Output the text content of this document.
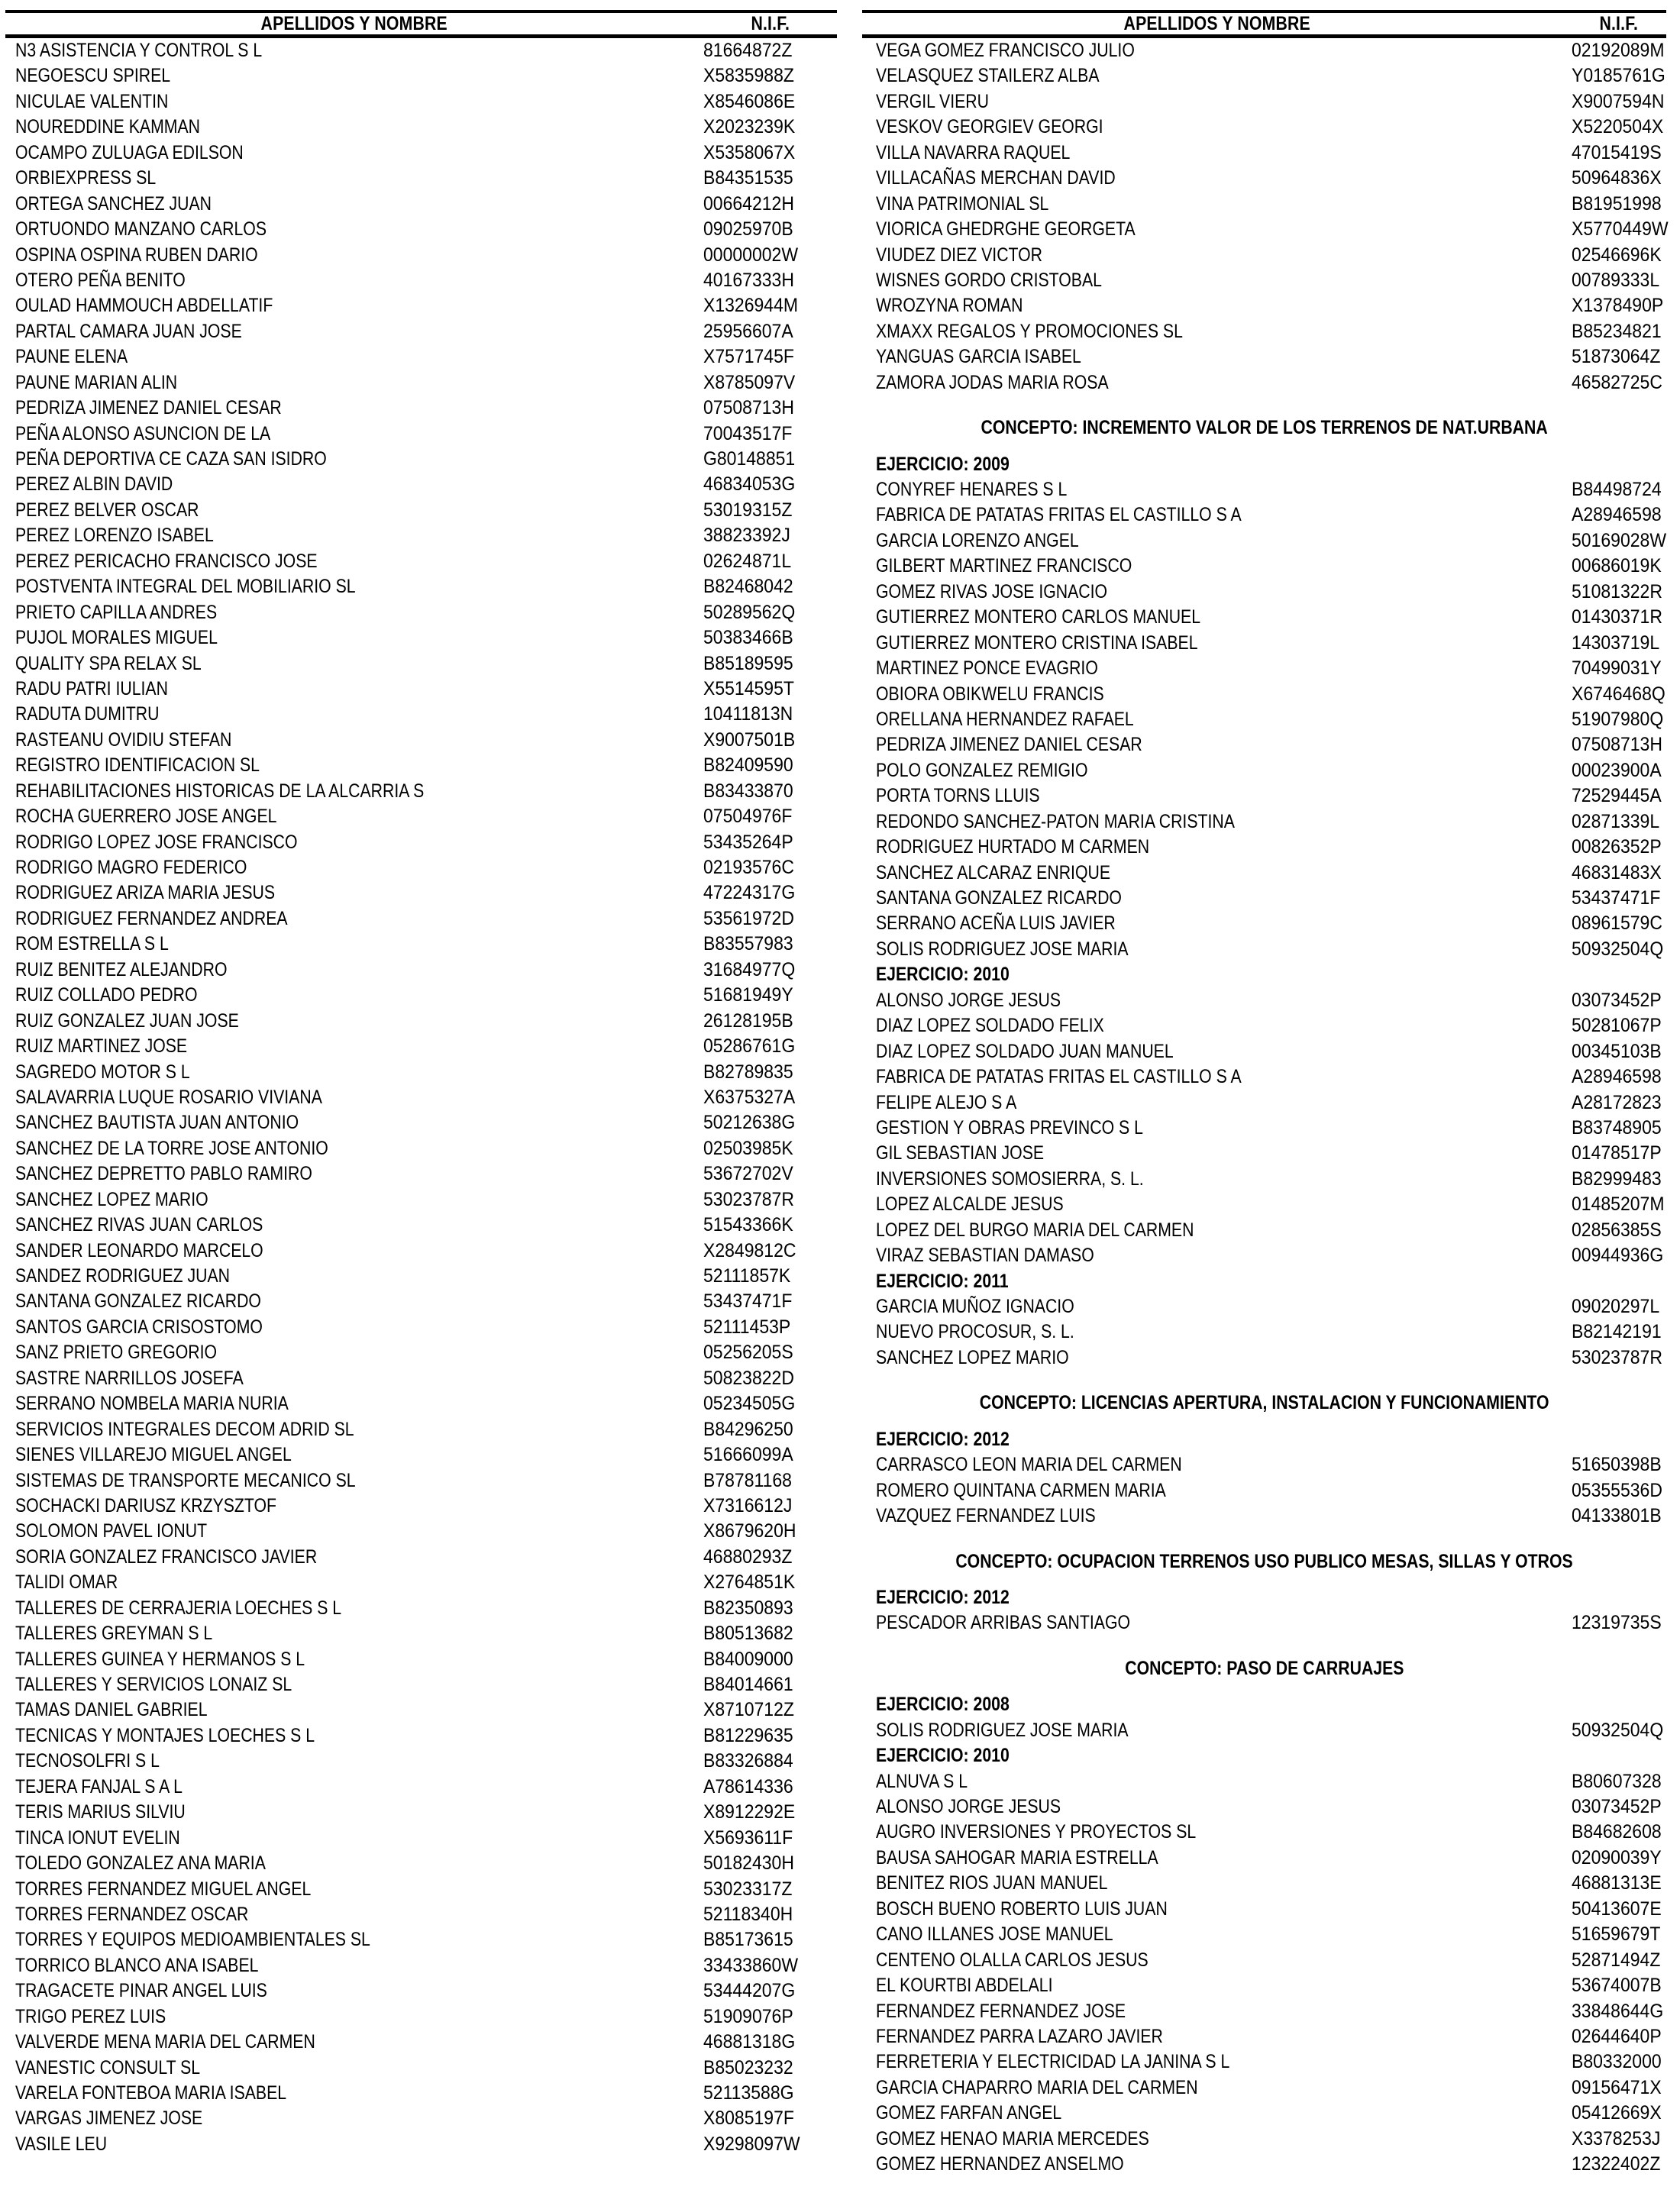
APELLIDOS Y NOMBRE	N.I.F.
N3 ASISTENCIA Y CONTROL S L	81664872Z
NEGOESCU SPIREL	X5835988Z
NICULAE VALENTIN	X8546086E
NOUREDDINE KAMMAN	X2023239K
OCAMPO ZULUAGA EDILSON	X5358067X
ORBIEXPRESS SL	B84351535
ORTEGA SANCHEZ JUAN	00664212H
ORTUONDO MANZANO CARLOS	09025970B
OSPINA OSPINA RUBEN DARIO	00000002W
OTERO PEÑA BENITO	40167333H
OULAD HAMMOUCH ABDELLATIF	X1326944M
PARTAL CAMARA JUAN JOSE	25956607A
PAUNE ELENA	X7571745F
PAUNE MARIAN ALIN	X8785097V
PEDRIZA JIMENEZ DANIEL CESAR	07508713H
PEÑA ALONSO ASUNCION DE LA	70043517F
PEÑA DEPORTIVA CE CAZA SAN ISIDRO	G80148851
PEREZ ALBIN DAVID	46834053G
PEREZ BELVER OSCAR	53019315Z
PEREZ LORENZO ISABEL	38823392J
PEREZ PERICACHO FRANCISCO JOSE	02624871L
POSTVENTA INTEGRAL DEL MOBILIARIO SL	B82468042
PRIETO CAPILLA ANDRES	50289562Q
PUJOL MORALES MIGUEL	50383466B
QUALITY SPA RELAX SL	B85189595
RADU PATRI IULIAN	X5514595T
RADUTA DUMITRU	10411813N
RASTEANU OVIDIU STEFAN	X9007501B
REGISTRO IDENTIFICACION SL	B82409590
REHABILITACIONES HISTORICAS DE LA ALCARRIA S	B83433870
ROCHA GUERRERO JOSE ANGEL	07504976F
RODRIGO LOPEZ JOSE FRANCISCO	53435264P
RODRIGO MAGRO FEDERICO	02193576C
RODRIGUEZ ARIZA MARIA JESUS	47224317G
RODRIGUEZ FERNANDEZ ANDREA	53561972D
ROM ESTRELLA S L	B83557983
RUIZ BENITEZ ALEJANDRO	31684977Q
RUIZ COLLADO PEDRO	51681949Y
RUIZ GONZALEZ JUAN JOSE	26128195B
RUIZ MARTINEZ JOSE	05286761G
SAGREDO MOTOR S L	B82789835
SALAVARRIA LUQUE ROSARIO VIVIANA	X6375327A
SANCHEZ BAUTISTA JUAN ANTONIO	50212638G
SANCHEZ DE LA TORRE JOSE ANTONIO	02503985K
SANCHEZ DEPRETTO PABLO RAMIRO	53672702V
SANCHEZ LOPEZ MARIO	53023787R
SANCHEZ RIVAS JUAN CARLOS	51543366K
SANDER LEONARDO MARCELO	X2849812C
SANDEZ RODRIGUEZ JUAN	52111857K
SANTANA GONZALEZ RICARDO	53437471F
SANTOS GARCIA CRISOSTOMO	52111453P
SANZ PRIETO GREGORIO	05256205S
SASTRE NARRILLOS JOSEFA	50823822D
SERRANO NOMBELA MARIA NURIA	05234505G
SERVICIOS INTEGRALES DECOM ADRID SL	B84296250
SIENES VILLAREJO MIGUEL ANGEL	51666099A
SISTEMAS DE TRANSPORTE MECANICO SL	B78781168
SOCHACKI DARIUSZ KRZYSZTOF	X7316612J
SOLOMON PAVEL IONUT	X8679620H
SORIA GONZALEZ FRANCISCO JAVIER	46880293Z
TALIDI OMAR	X2764851K
TALLERES DE CERRAJERIA LOECHES S L	B82350893
TALLERES GREYMAN S L	B80513682
TALLERES GUINEA Y HERMANOS S L	B84009000
TALLERES Y SERVICIOS LONAIZ SL	B84014661
TAMAS DANIEL GABRIEL	X8710712Z
TECNICAS Y MONTAJES LOECHES S L	B81229635
TECNOSOLFRI S L	B83326884
TEJERA FANJAL S A L	A78614336
TERIS MARIUS SILVIU	X8912292E
TINCA IONUT EVELIN	X5693611F
TOLEDO GONZALEZ ANA MARIA	50182430H
TORRES FERNANDEZ MIGUEL ANGEL	53023317Z
TORRES FERNANDEZ OSCAR	52118340H
TORRES Y EQUIPOS MEDIOAMBIENTALES SL	B85173615
TORRICO BLANCO ANA ISABEL	33433860W
TRAGACETE PINAR ANGEL LUIS	53444207G
TRIGO PEREZ LUIS	51909076P
VALVERDE MENA MARIA DEL CARMEN	46881318G
VANESTIC CONSULT SL	B85023232
VARELA FONTEBOA MARIA ISABEL	52113588G
VARGAS JIMENEZ JOSE	X8085197F
VASILE LEU	X9298097W
APELLIDOS Y NOMBRE	N.I.F.
VEGA GOMEZ FRANCISCO JULIO	02192089M
VELASQUEZ STAILERZ ALBA	Y0185761G
VERGIL VIERU	X9007594N
VESKOV GEORGIEV GEORGI	X5220504X
VILLA NAVARRA RAQUEL	47015419S
VILLACAÑAS MERCHAN DAVID	50964836X
VINA PATRIMONIAL SL	B81951998
VIORICA GHEDRGHE GEORGETA	X5770449W
VIUDEZ DIEZ VICTOR	02546696K
WISNES GORDO CRISTOBAL	00789333L
WROZYNA ROMAN	X1378490P
XMAXX REGALOS Y PROMOCIONES SL	B85234821
YANGUAS GARCIA ISABEL	51873064Z
ZAMORA JODAS MARIA ROSA	46582725C
CONCEPTO: INCREMENTO VALOR DE LOS TERRENOS DE NAT.URBANA
EJERCICIO: 2009
CONYREF HENARES S L	B84498724
FABRICA DE PATATAS FRITAS EL CASTILLO S A	A28946598
GARCIA LORENZO ANGEL	50169028W
GILBERT MARTINEZ FRANCISCO	00686019K
GOMEZ RIVAS JOSE IGNACIO	51081322R
GUTIERREZ MONTERO CARLOS MANUEL	01430371R
GUTIERREZ MONTERO CRISTINA ISABEL	14303719L
MARTINEZ PONCE EVAGRIO	70499031Y
OBIORA OBIKWELU FRANCIS	X6746468Q
ORELLANA HERNANDEZ RAFAEL	51907980Q
PEDRIZA JIMENEZ DANIEL CESAR	07508713H
POLO GONZALEZ REMIGIO	00023900A
PORTA TORNS LLUIS	72529445A
REDONDO SANCHEZ-PATON MARIA CRISTINA	02871339L
RODRIGUEZ HURTADO M CARMEN	00826352P
SANCHEZ ALCARAZ ENRIQUE	46831483X
SANTANA GONZALEZ RICARDO	53437471F
SERRANO ACEÑA LUIS JAVIER	08961579C
SOLIS RODRIGUEZ JOSE MARIA	50932504Q
EJERCICIO: 2010
ALONSO JORGE JESUS	03073452P
DIAZ LOPEZ SOLDADO FELIX	50281067P
DIAZ LOPEZ SOLDADO JUAN MANUEL	00345103B
FABRICA DE PATATAS FRITAS EL CASTILLO S A	A28946598
FELIPE ALEJO S A	A28172823
GESTION Y OBRAS PREVINCO S L	B83748905
GIL SEBASTIAN JOSE	01478517P
INVERSIONES SOMOSIERRA, S. L.	B82999483
LOPEZ ALCALDE JESUS	01485207M
LOPEZ DEL BURGO MARIA DEL CARMEN	02856385S
VIRAZ SEBASTIAN DAMASO	00944936G
EJERCICIO: 2011
GARCIA MUÑOZ IGNACIO	09020297L
NUEVO PROCOSUR, S. L.	B82142191
SANCHEZ LOPEZ MARIO	53023787R
CONCEPTO: LICENCIAS APERTURA, INSTALACION Y FUNCIONAMIENTO
EJERCICIO: 2012
CARRASCO LEON MARIA DEL CARMEN	51650398B
ROMERO QUINTANA CARMEN MARIA	05355536D
VAZQUEZ FERNANDEZ LUIS	04133801B
CONCEPTO: OCUPACION TERRENOS USO PUBLICO MESAS, SILLAS Y OTROS
EJERCICIO: 2012
PESCADOR ARRIBAS SANTIAGO	12319735S
CONCEPTO: PASO DE CARRUAJES
EJERCICIO: 2008
SOLIS RODRIGUEZ JOSE MARIA	50932504Q
EJERCICIO: 2010
ALNUVA S L	B80607328
ALONSO JORGE JESUS	03073452P
AUGRO INVERSIONES Y PROYECTOS SL	B84682608
BAUSA SAHOGAR MARIA ESTRELLA	02090039Y
BENITEZ RIOS JUAN MANUEL	46881313E
BOSCH BUENO ROBERTO LUIS JUAN	50413607E
CANO ILLANES JOSE MANUEL	51659679T
CENTENO OLALLA CARLOS JESUS	52871494Z
EL KOURTBI ABDELALI	53674007B
FERNANDEZ FERNANDEZ JOSE	33848644G
FERNANDEZ PARRA LAZARO JAVIER	02644640P
FERRETERIA Y ELECTRICIDAD LA JANINA S L	B80332000
GARCIA CHAPARRO MARIA DEL CARMEN	09156471X
GOMEZ FARFAN ANGEL	05412669X
GOMEZ HENAO MARIA MERCEDES	X3378253J
GOMEZ HERNANDEZ ANSELMO	12322402Z
